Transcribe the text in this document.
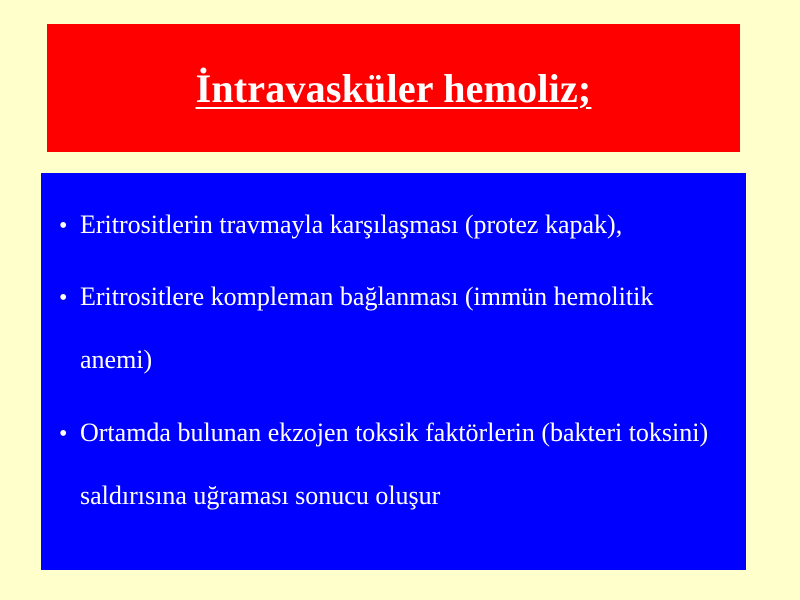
İntravasküler hemoliz;
• Eritrositlerin travmayla karşılaşması (protez kapak),
• Eritrositlere kompleman bağlanması (immün hemolitik anemi)
• Ortamda bulunan ekzojen toksik faktörlerin (bakteri toksini) saldırısına uğraması sonucu oluşur
